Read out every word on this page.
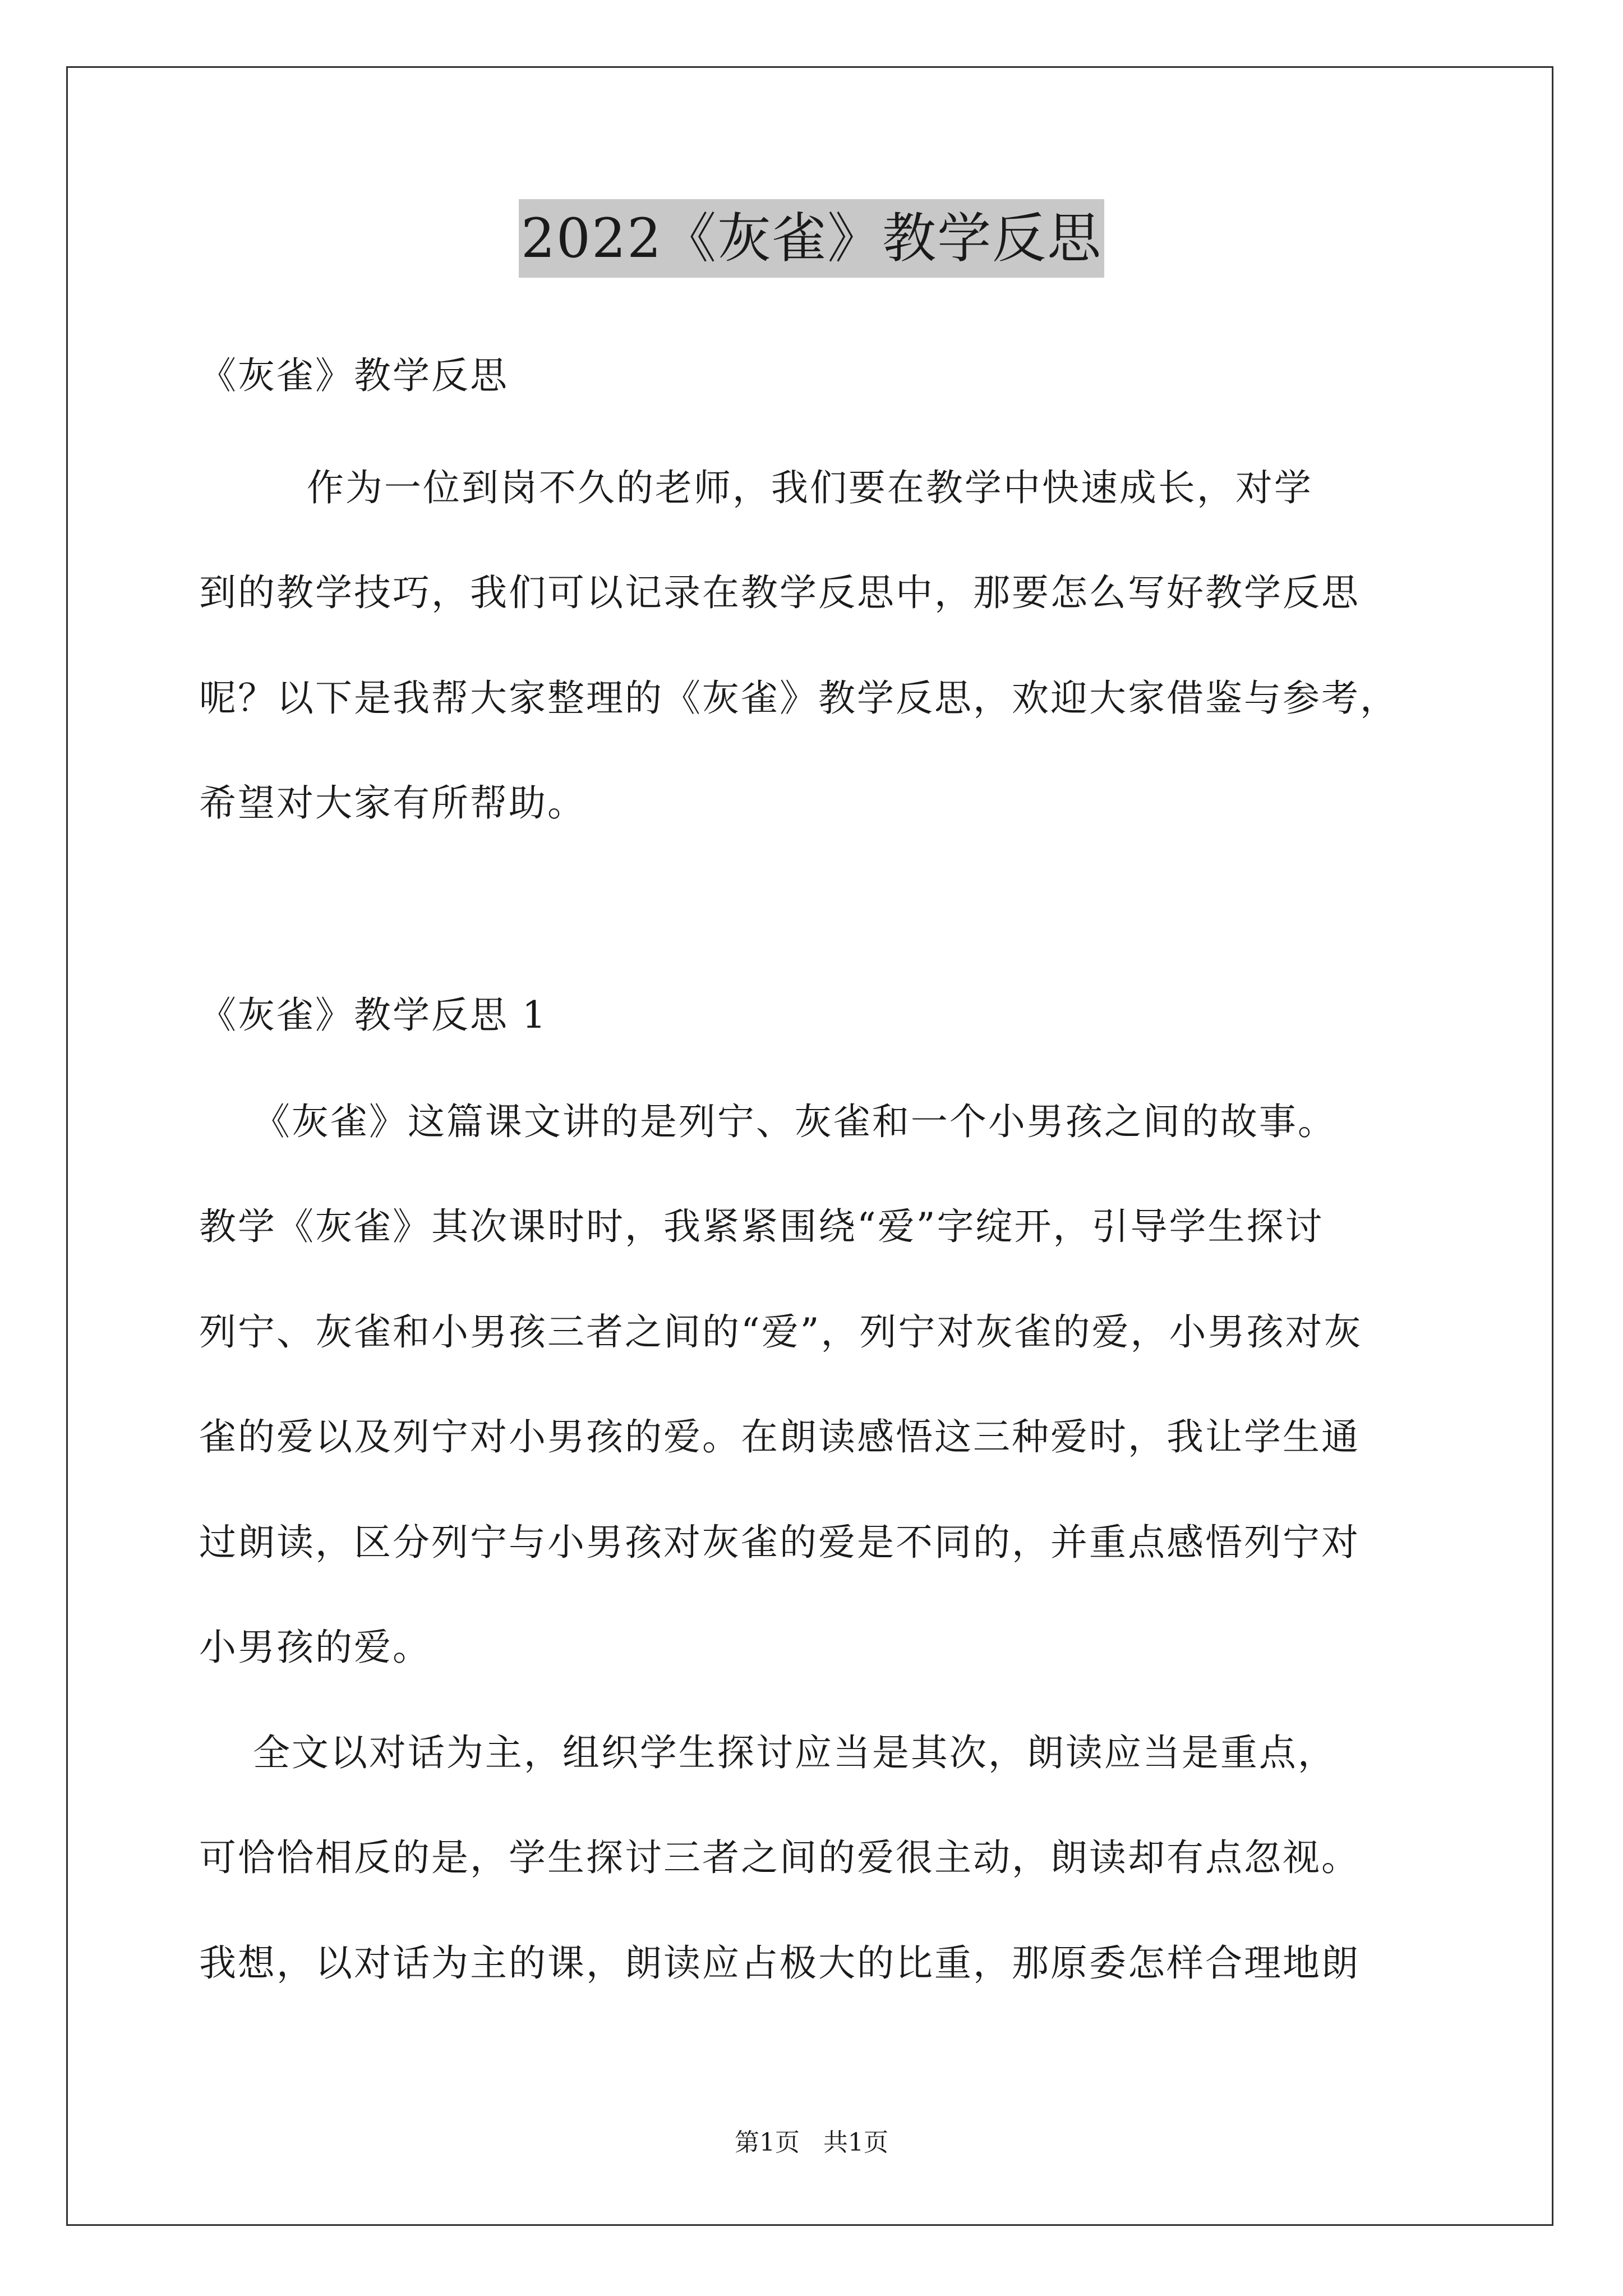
2022《灰雀》教学反思
《灰雀》教学反思
作为一位到岗不久的老师，我们要在教学中快速成长，对学
到的教学技巧，我们可以记录在教学反思中，那要怎么写好教学反思
呢？以下是我帮大家整理的《灰雀》教学反思，欢迎大家借鉴与参考，
希望对大家有所帮助。
《灰雀》教学反思 1
《灰雀》这篇课文讲的是列宁、灰雀和一个小男孩之间的故事。
教学《灰雀》其次课时时，我紧紧围绕“爱”字绽开，引导学生探讨
列宁、灰雀和小男孩三者之间的“爱”，列宁对灰雀的爱，小男孩对灰
雀的爱以及列宁对小男孩的爱。在朗读感悟这三种爱时，我让学生通
过朗读，区分列宁与小男孩对灰雀的爱是不同的，并重点感悟列宁对
小男孩的爱。
全文以对话为主，组织学生探讨应当是其次，朗读应当是重点，
可恰恰相反的是，学生探讨三者之间的爱很主动，朗读却有点忽视。
我想，以对话为主的课，朗读应占极大的比重，那原委怎样合理地朗
第1页 共1页
